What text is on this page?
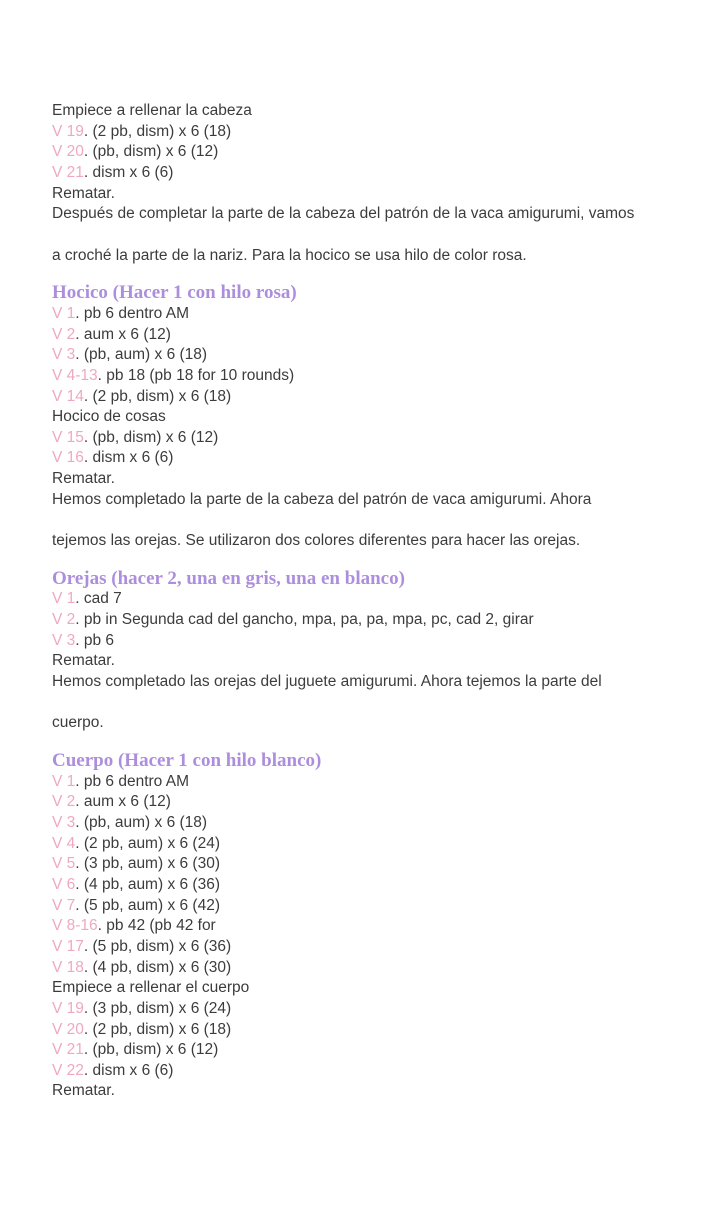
Empiece a rellenar la cabeza
V 19. (2 pb, dism) x 6 (18)
V 20. (pb, dism) x 6 (12)
V 21. dism x 6 (6)
Rematar.
Después de completar la parte de la cabeza del patrón de la vaca amigurumi, vamos
a croché la parte de la nariz. Para la hocico se usa hilo de color rosa.
Hocico (Hacer 1 con hilo rosa)
V 1. pb 6 dentro AM
V 2. aum x 6 (12)
V 3. (pb, aum) x 6 (18)
V 4-13. pb 18 (pb 18 for 10 rounds)
V 14. (2 pb, dism) x 6 (18)
Hocico de cosas
V 15. (pb, dism) x 6 (12)
V 16. dism x 6 (6)
Rematar.
Hemos completado la parte de la cabeza del patrón de vaca amigurumi. Ahora
tejemos las orejas. Se utilizaron dos colores diferentes para hacer las orejas.
Orejas (hacer 2, una en gris, una en blanco)
V 1. cad 7
V 2. pb in Segunda cad del gancho, mpa, pa, pa, mpa, pc, cad 2, girar
V 3. pb 6
Rematar.
Hemos completado las orejas del juguete amigurumi. Ahora tejemos la parte del
cuerpo.
Cuerpo (Hacer 1 con hilo blanco)
V 1. pb 6 dentro AM
V 2. aum x 6 (12)
V 3. (pb, aum) x 6 (18)
V 4. (2 pb, aum) x 6 (24)
V 5. (3 pb, aum) x 6 (30)
V 6. (4 pb, aum) x 6 (36)
V 7. (5 pb, aum) x 6 (42)
V 8-16. pb 42 (pb 42 for
V 17. (5 pb, dism) x 6 (36)
V 18. (4 pb, dism) x 6 (30)
Empiece a rellenar el cuerpo
V 19. (3 pb, dism) x 6 (24)
V 20. (2 pb, dism) x 6 (18)
V 21. (pb, dism) x 6 (12)
V 22. dism x 6 (6)
Rematar.
